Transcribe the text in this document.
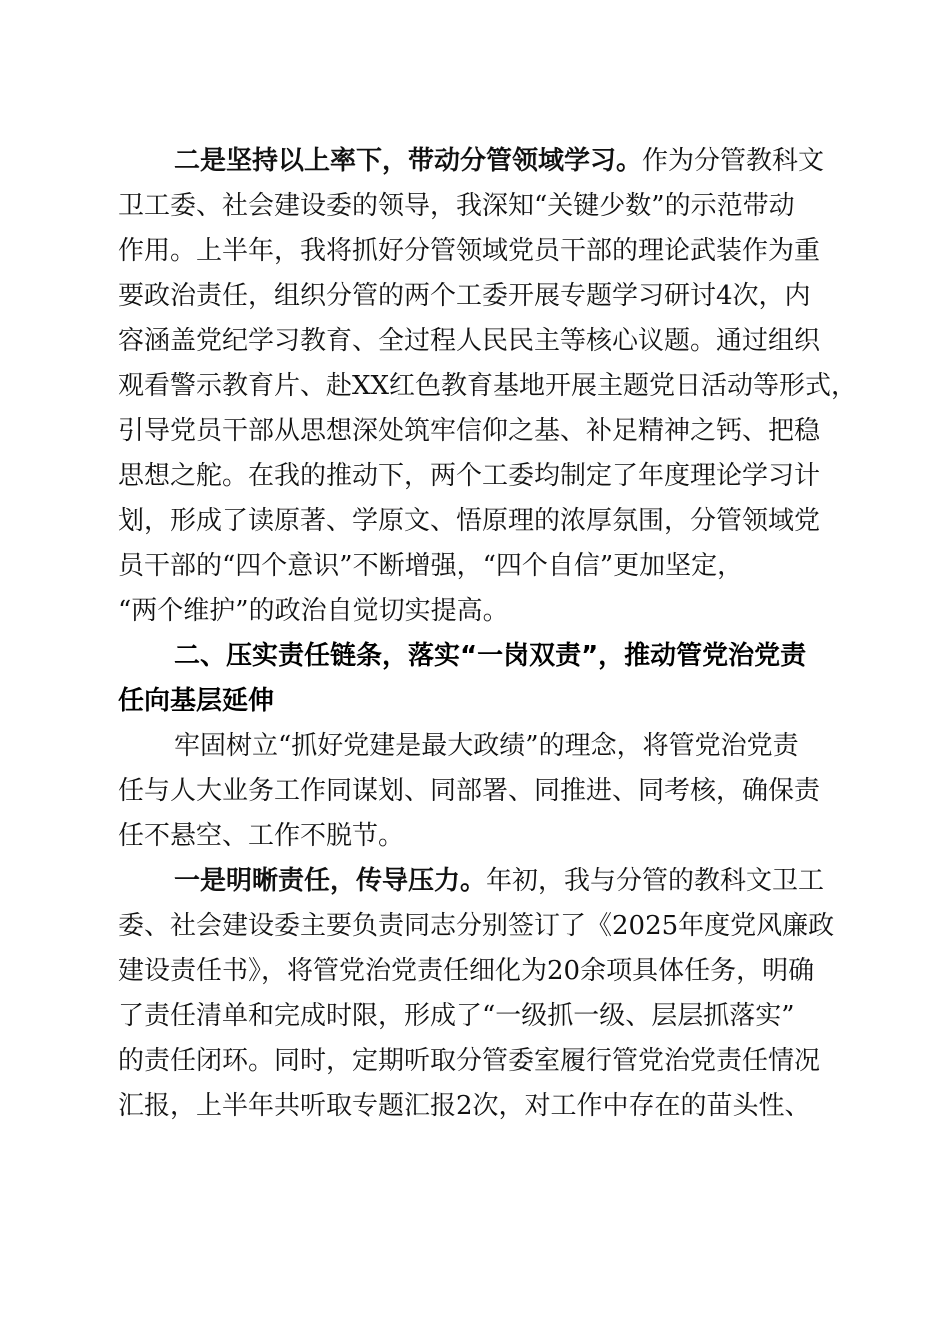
二是坚持以上率下，带动分管领域学习。作为分管教科文
卫工委、社会建设委的领导，我深知“关键少数”的示范带动
作用。上半年，我将抓好分管领域党员干部的理论武装作为重
要政治责任，组织分管的两个工委开展专题学习研讨4次，内
容涵盖党纪学习教育、全过程人民民主等核心议题。通过组织
观看警示教育片、赴XX红色教育基地开展主题党日活动等形式，
引导党员干部从思想深处筑牢信仰之基、补足精神之钙、把稳
思想之舵。在我的推动下，两个工委均制定了年度理论学习计
划，形成了读原著、学原文、悟原理的浓厚氛围，分管领域党
员干部的“四个意识”不断增强，“四个自信”更加坚定，
“两个维护”的政治自觉切实提高。
二、压实责任链条，落实“一岗双责”，推动管党治党责
任向基层延伸
牢固树立“抓好党建是最大政绩”的理念，将管党治党责
任与人大业务工作同谋划、同部署、同推进、同考核，确保责
任不悬空、工作不脱节。
一是明晰责任，传导压力。年初，我与分管的教科文卫工
委、社会建设委主要负责同志分别签订了《2025年度党风廉政
建设责任书》，将管党治党责任细化为20余项具体任务，明确
了责任清单和完成时限，形成了“一级抓一级、层层抓落实”
的责任闭环。同时，定期听取分管委室履行管党治党责任情况
汇报，上半年共听取专题汇报2次，对工作中存在的苗头性、
